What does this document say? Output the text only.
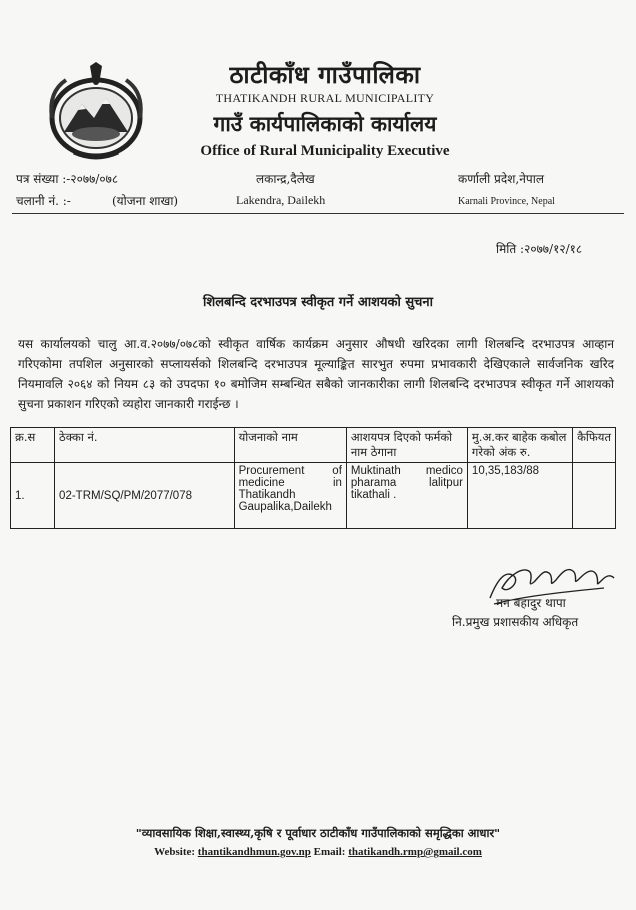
ठाटीकाँध गाउँपालिका
THATIKANDH RURAL MUNICIPALITY
गाउँ कार्यपालिकाको कार्यालय
Office of Rural Municipality Executive
पत्र संख्या :-२०७७/०७८
चलानी नं. :-	(योजना शाखा)
लकान्द्र,दैलेख
Lakendra, Dailekh
कर्णाली प्रदेश,नेपाल
Karnali Province, Nepal
मिति :२०७७/१२/१८
शिलबन्दि दरभाउपत्र स्वीकृत गर्ने आशयको सुचना
यस कार्यालयको चालु आ.व.२०७७/०७८को स्वीकृत वार्षिक कार्यक्रम अनुसार औषधी खरिदका लागी शिलबन्दि दरभाउपत्र आव्हान गरिएकोमा तपशिल अनुसारको सप्लायर्सको शिलबन्दि दरभाउपत्र मूल्याङ्कित सारभुत रुपमा प्रभावकारी देखिएकाले सार्वजनिक खरिद नियमावलि २०६४ को नियम ८३ को उपदफा १० बमोजिम सम्बन्धित सबैको जानकारीका लागी शिलबन्दि दरभाउपत्र स्वीकृत गर्ने आशयको सुचना प्रकाशन गरिएको व्यहोरा जानकारी गराईन्छ ।
क्र.स	ठेक्का नं.	योजनाको नाम	आशयपत्र दिएको फर्मको नाम ठेगाना	मु.अ.कर बाहेक कबोल गरेको अंक रु.	कैफियत
1.	02-TRM/SQ/PM/2077/078	Procurement of medicine in Thatikandh Gaupalika,Dailekh	Muktinath medico pharama lalitpur tikathali .	10,35,183/88	
मन बहादुर थापा
नि.प्रमुख प्रशासकीय अधिकृत
"व्यावसायिक शिक्षा,स्वास्थ्य,कृषि र पूर्वाधार ठाटीकाँध गाउँपालिकाको समृद्धिका आधार"
Website: thantikandhmun.gov.np Email: thatikandh.rmp@gmail.com
